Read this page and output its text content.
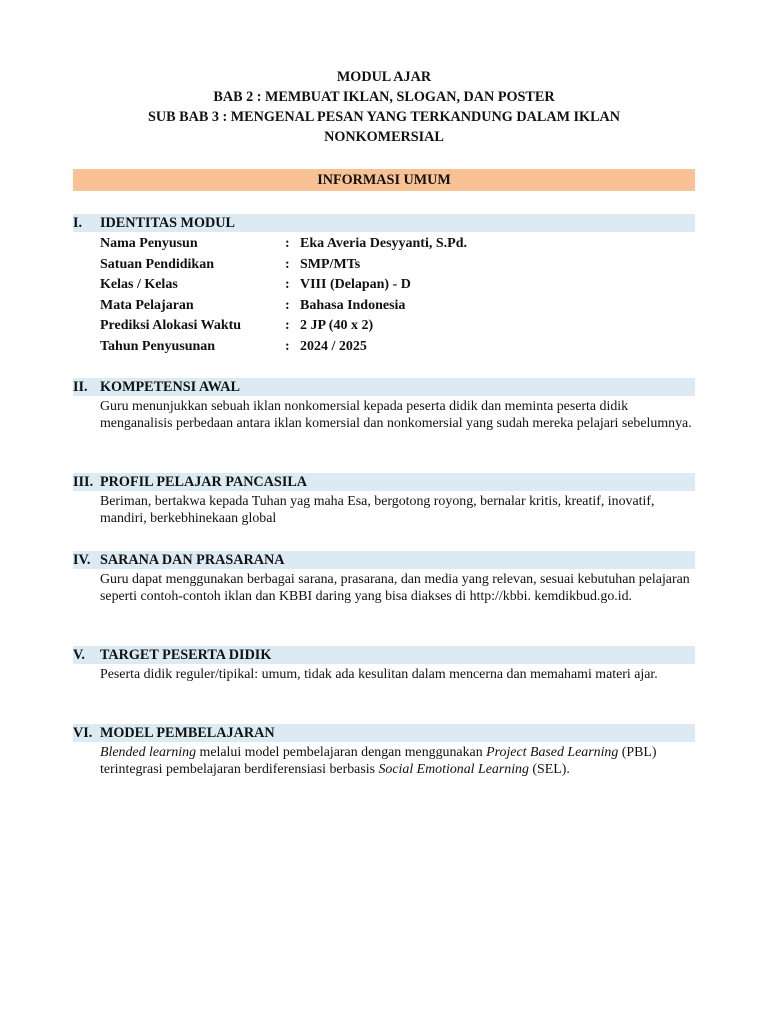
MODUL AJAR
BAB 2 : MEMBUAT IKLAN, SLOGAN, DAN POSTER
SUB BAB 3 : MENGENAL PESAN YANG TERKANDUNG DALAM IKLAN NONKOMERSIAL
INFORMASI UMUM
I. IDENTITAS MODUL
Nama Penyusun	: Eka Averia Desyyanti, S.Pd.
Satuan Pendidikan	: SMP/MTs
Kelas / Kelas	: VIII (Delapan) - D
Mata Pelajaran	: Bahasa Indonesia
Prediksi Alokasi Waktu	: 2 JP (40 x 2)
Tahun Penyusunan	: 2024 / 2025
II. KOMPETENSI AWAL
Guru menunjukkan sebuah iklan nonkomersial kepada peserta didik dan meminta peserta didik menganalisis perbedaan antara iklan komersial dan nonkomersial yang sudah mereka pelajari sebelumnya.
III. PROFIL PELAJAR PANCASILA
Beriman, bertakwa kepada Tuhan yag maha Esa, bergotong royong, bernalar kritis, kreatif, inovatif, mandiri, berkebhinekaan global
IV. SARANA DAN PRASARANA
Guru dapat menggunakan berbagai sarana, prasarana, dan media yang relevan, sesuai kebutuhan pelajaran seperti contoh-contoh iklan dan KBBI daring yang bisa diakses di http://kbbi. kemdikbud.go.id.
V. TARGET PESERTA DIDIK
Peserta didik reguler/tipikal: umum, tidak ada kesulitan dalam mencerna dan memahami materi ajar.
VI. MODEL PEMBELAJARAN
Blended learning melalui model pembelajaran dengan menggunakan Project Based Learning (PBL) terintegrasi pembelajaran berdiferensiasi berbasis Social Emotional Learning (SEL).
